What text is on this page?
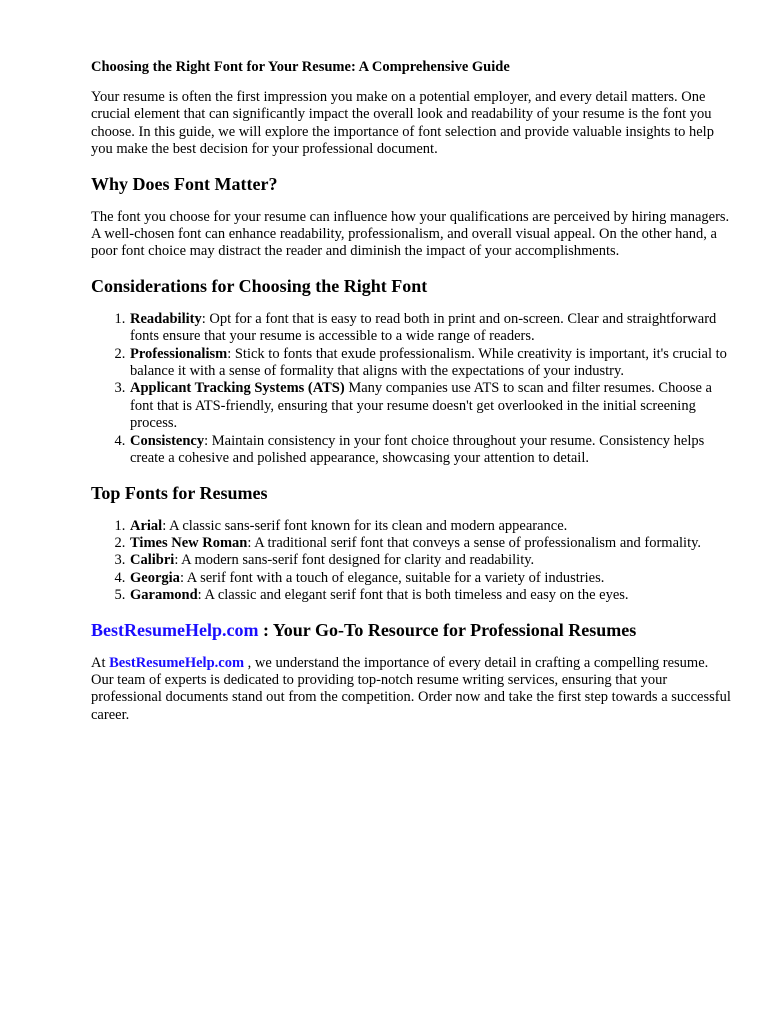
Choosing the Right Font for Your Resume: A Comprehensive Guide

Your resume is often the first impression you make on a potential employer, and every detail matters. One crucial element that can significantly impact the overall look and readability of your resume is the font you choose. In this guide, we will explore the importance of font selection and provide valuable insights to help you make the best decision for your professional document.

Why Does Font Matter?

The font you choose for your resume can influence how your qualifications are perceived by hiring managers. A well-chosen font can enhance readability, professionalism, and overall visual appeal. On the other hand, a poor font choice may distract the reader and diminish the impact of your accomplishments.

Considerations for Choosing the Right Font
1. Readability: Opt for a font that is easy to read both in print and on-screen. Clear and straightforward fonts ensure that your resume is accessible to a wide range of readers.
2. Professionalism: Stick to fonts that exude professionalism. While creativity is important, it's crucial to balance it with a sense of formality that aligns with the expectations of your industry.
3. Applicant Tracking Systems (ATS) Many companies use ATS to scan and filter resumes. Choose a font that is ATS-friendly, ensuring that your resume doesn't get overlooked in the initial screening process.
4. Consistency: Maintain consistency in your font choice throughout your resume. Consistency helps create a cohesive and polished appearance, showcasing your attention to detail.
Top Fonts for Resumes
1. Arial: A classic sans-serif font known for its clean and modern appearance.
2. Times New Roman: A traditional serif font that conveys a sense of professionalism and formality.
3. Calibri: A modern sans-serif font designed for clarity and readability.
4. Georgia: A serif font with a touch of elegance, suitable for a variety of industries.
5. Garamond: A classic and elegant serif font that is both timeless and easy on the eyes.
BestResumeHelp.com : Your Go-To Resource for Professional Resumes

At BestResumeHelp.com , we understand the importance of every detail in crafting a compelling resume. Our team of experts is dedicated to providing top-notch resume writing services, ensuring that your professional documents stand out from the competition. Order now and take the first step towards a successful career.
